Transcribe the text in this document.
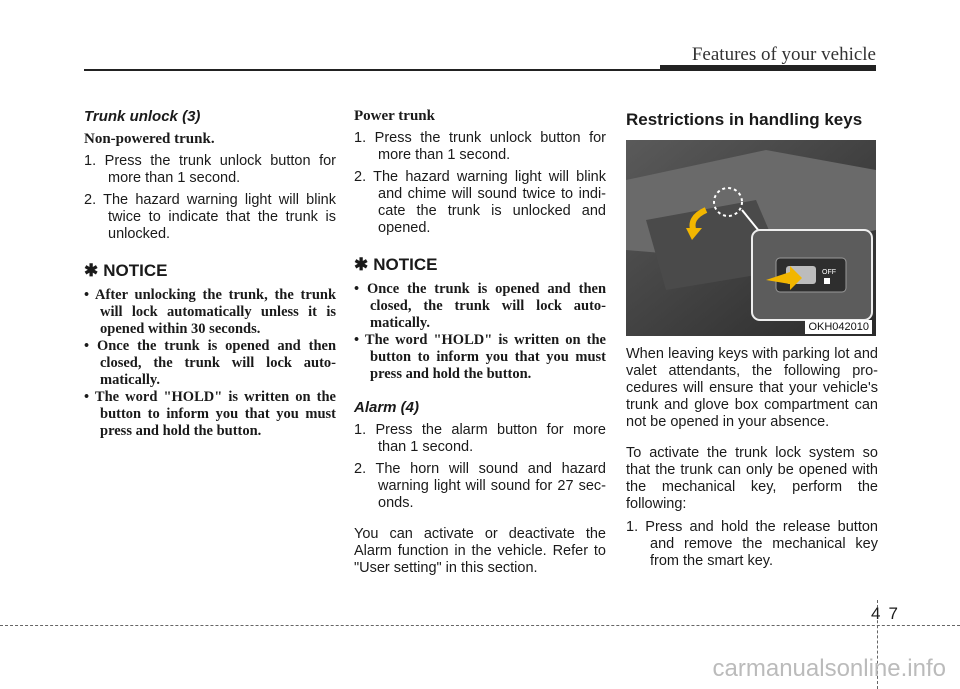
Features of your vehicle
Trunk unlock (3)
Non-powered trunk.
1. Press the trunk unlock button for more than 1 second.
2. The hazard warning light will blink twice to indicate that the trunk is unlocked.
✱ NOTICE
• After unlocking the trunk, the trunk will lock automatically unless it is opened within 30 seconds.
• Once the trunk is opened and then closed, the trunk will lock auto-matically.
• The word "HOLD" is written on the button to inform you that you must press and hold the button.
Power trunk
1. Press the trunk unlock button for more than 1 second.
2. The hazard warning light will blink and chime will sound twice to indi-cate the trunk is unlocked and opened.
✱ NOTICE
• Once the trunk is opened and then closed, the trunk will lock auto-matically.
• The word "HOLD" is written on the button to inform you that you must press and hold the button.
Alarm (4)
1. Press the alarm button for more than 1 second.
2. The horn will sound and hazard warning light will sound for 27 sec-onds.

You can activate or deactivate the Alarm function in the vehicle. Refer to "User setting" in this section.

Restrictions in handling keys
OFF
OKH042010

When leaving keys with parking lot and valet attendants, the following pro-cedures will ensure that your vehicle's trunk and glove box compartment can not be opened in your absence.

To activate the trunk lock system so that the trunk can only be opened with the mechanical key, perform the following:

1. Press and hold the release button and remove the mechanical key from the smart key.
4 7
carmanualsonline.info
